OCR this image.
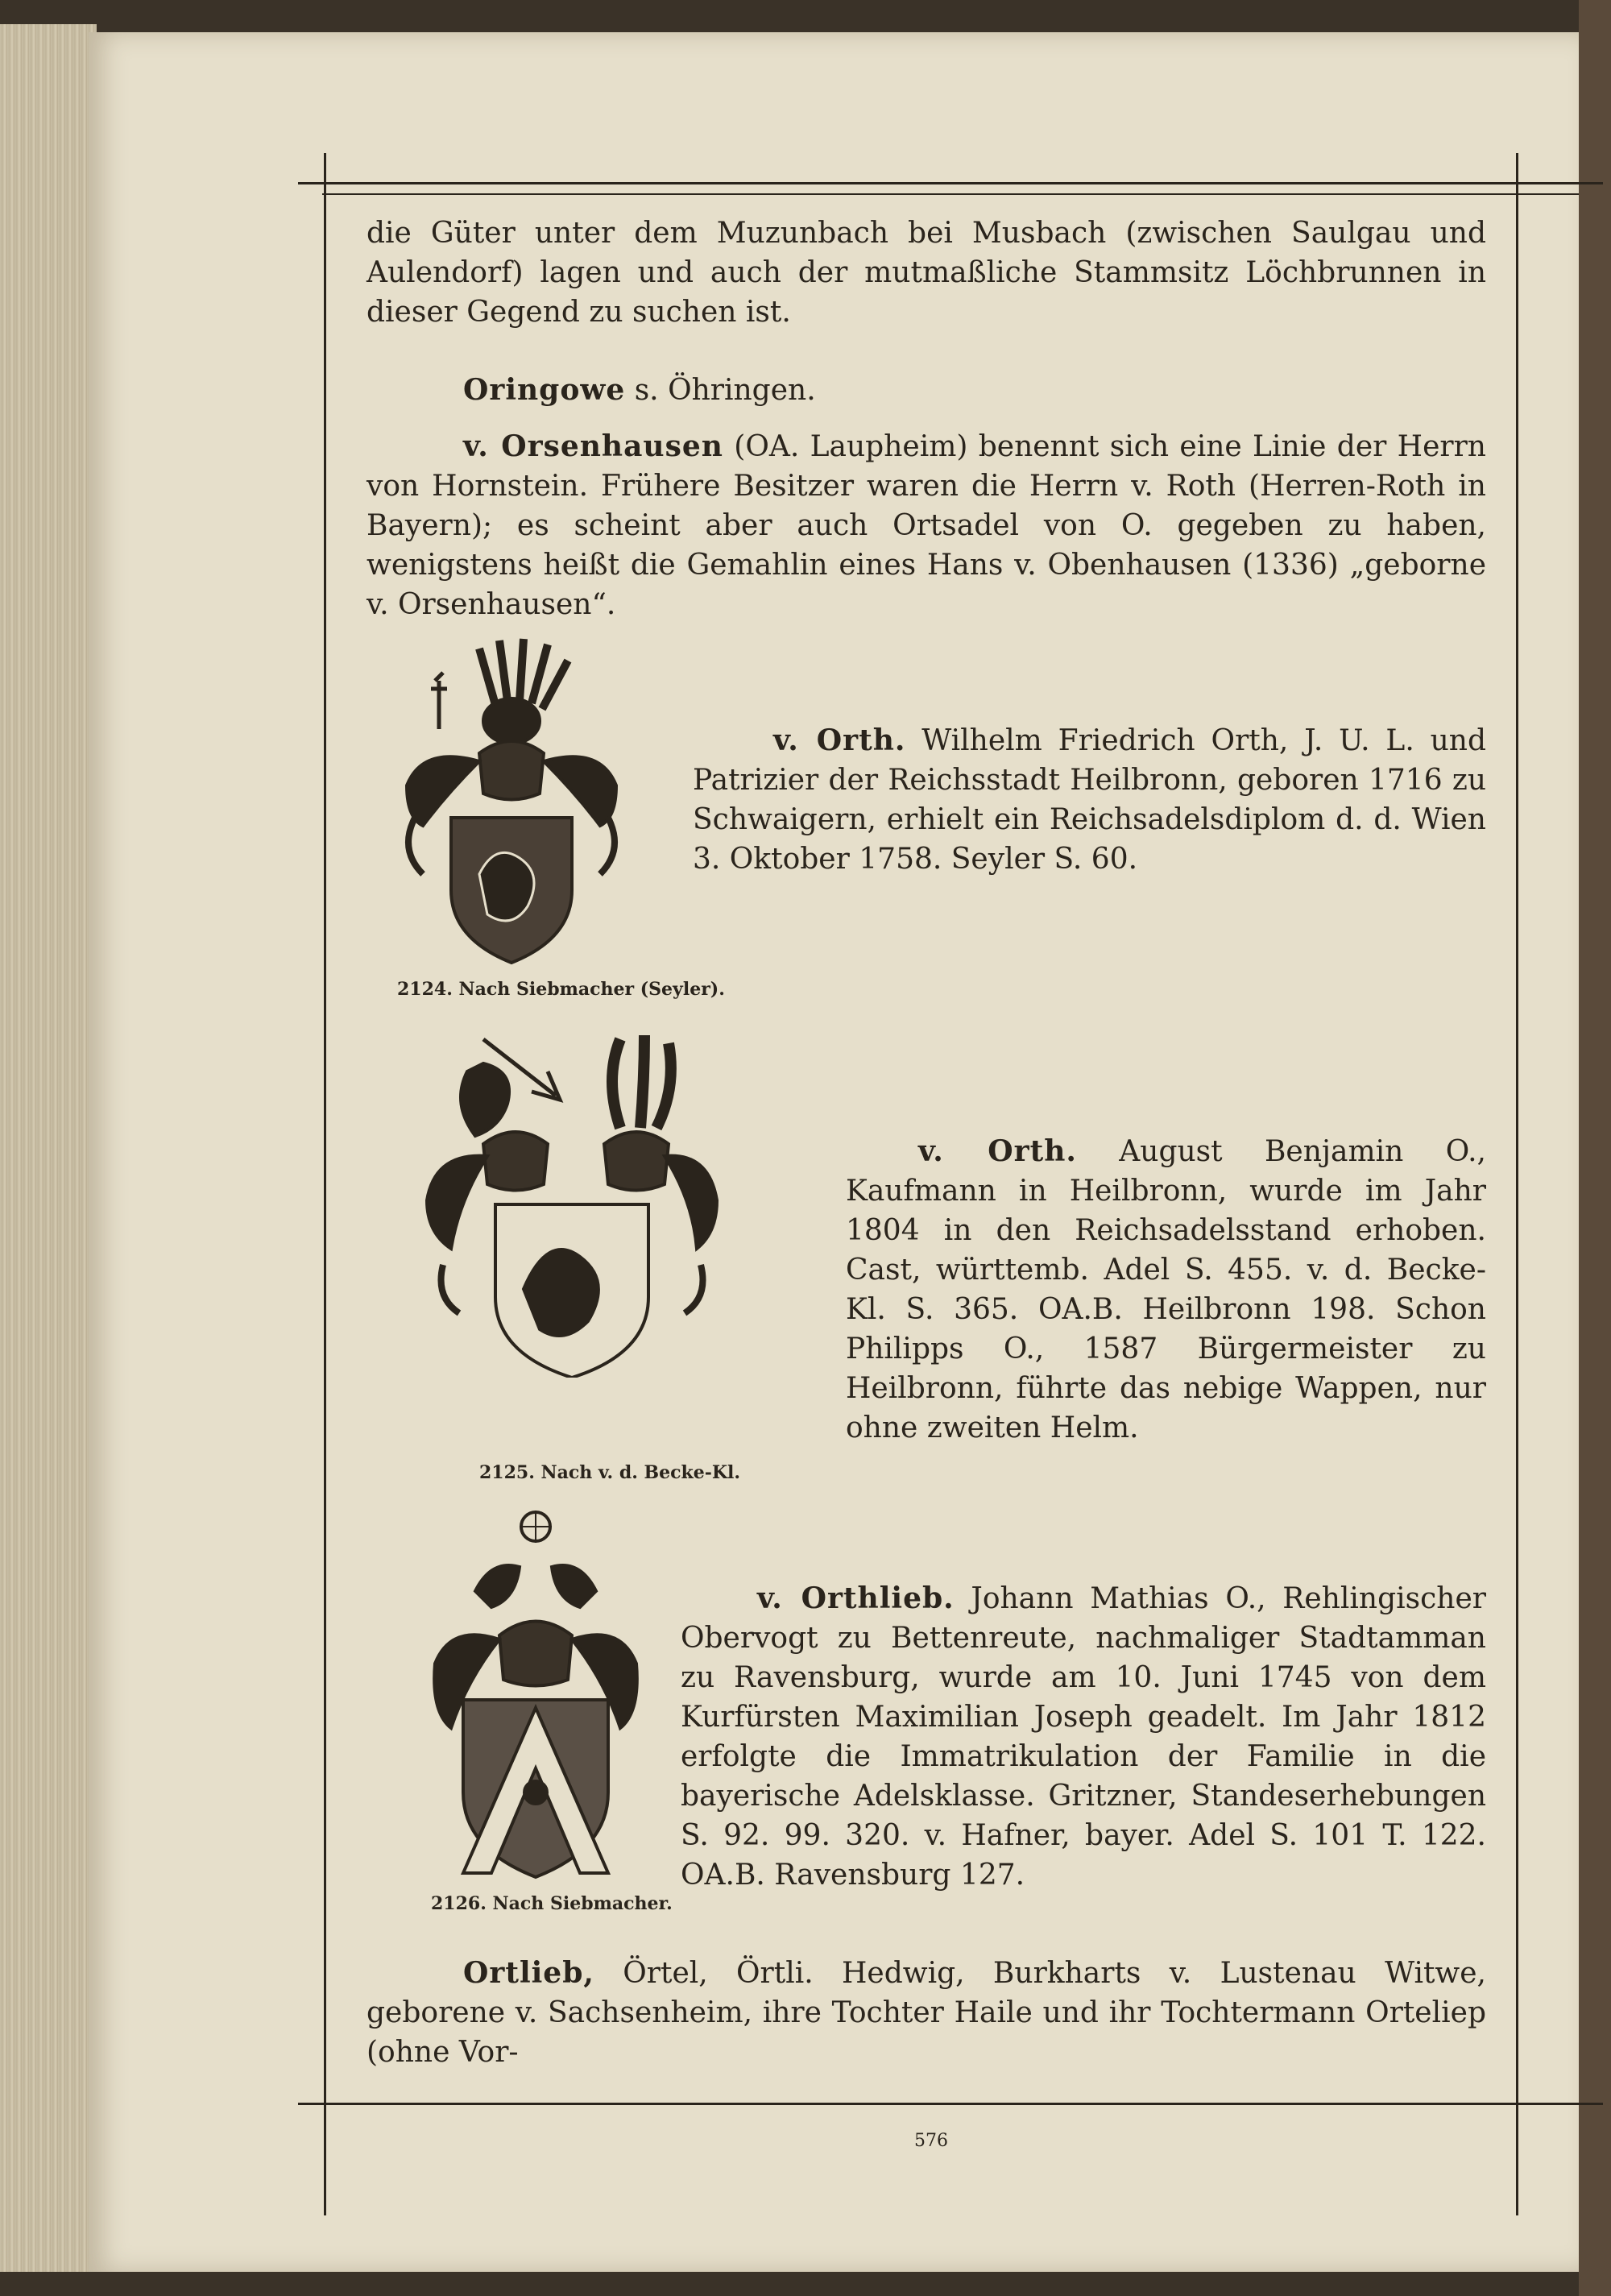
die Güter unter dem Muzunbach bei Musbach (zwischen Saulgau und Aulendorf) lagen und auch der mutmaßliche Stammsitz Löchbrunnen in dieser Gegend zu suchen ist.
Oringowe s. Öhringen.
v. Orsenhausen (OA. Laupheim) benennt sich eine Linie der Herrn von Hornstein. Frühere Besitzer waren die Herrn v. Roth (Herren-Roth in Bayern); es scheint aber auch Ortsadel von O. gegeben zu haben, wenigstens heißt die Gemahlin eines Hans v. Obenhausen (1336) „geborne v. Orsenhausen“.
2124. Nach Siebmacher (Seyler).
v. Orth. Wilhelm Friedrich Orth, J. U. L. und Patrizier der Reichsstadt Heilbronn, geboren 1716 zu Schwaigern, erhielt ein Reichsadelsdiplom d. d. Wien 3. Oktober 1758. Seyler S. 60.
2125. Nach v. d. Becke-Kl.
v. Orth. August Benjamin O., Kaufmann in Heilbronn, wurde im Jahr 1804 in den Reichsadelsstand erhoben. Cast, württemb. Adel S. 455. v. d. Becke-Kl. S. 365. OA.B. Heilbronn 198. Schon Philipps O., 1587 Bürgermeister zu Heilbronn, führte das nebige Wappen, nur ohne zweiten Helm.
2126. Nach Siebmacher.
v. Orthlieb. Johann Mathias O., Rehlingischer Obervogt zu Bettenreute, nachmaliger Stadtamman zu Ravensburg, wurde am 10. Juni 1745 von dem Kurfürsten Maximilian Joseph geadelt. Im Jahr 1812 erfolgte die Immatrikulation der Familie in die bayerische Adelsklasse. Gritzner, Standeserhebungen S. 92. 99. 320. v. Hafner, bayer. Adel S. 101 T. 122. OA.B. Ravensburg 127.
Ortlieb, Örtel, Örtli. Hedwig, Burkharts v. Lustenau Witwe, geborene v. Sachsenheim, ihre Tochter Haile und ihr Tochtermann Orteliep (ohne Vor-
576
